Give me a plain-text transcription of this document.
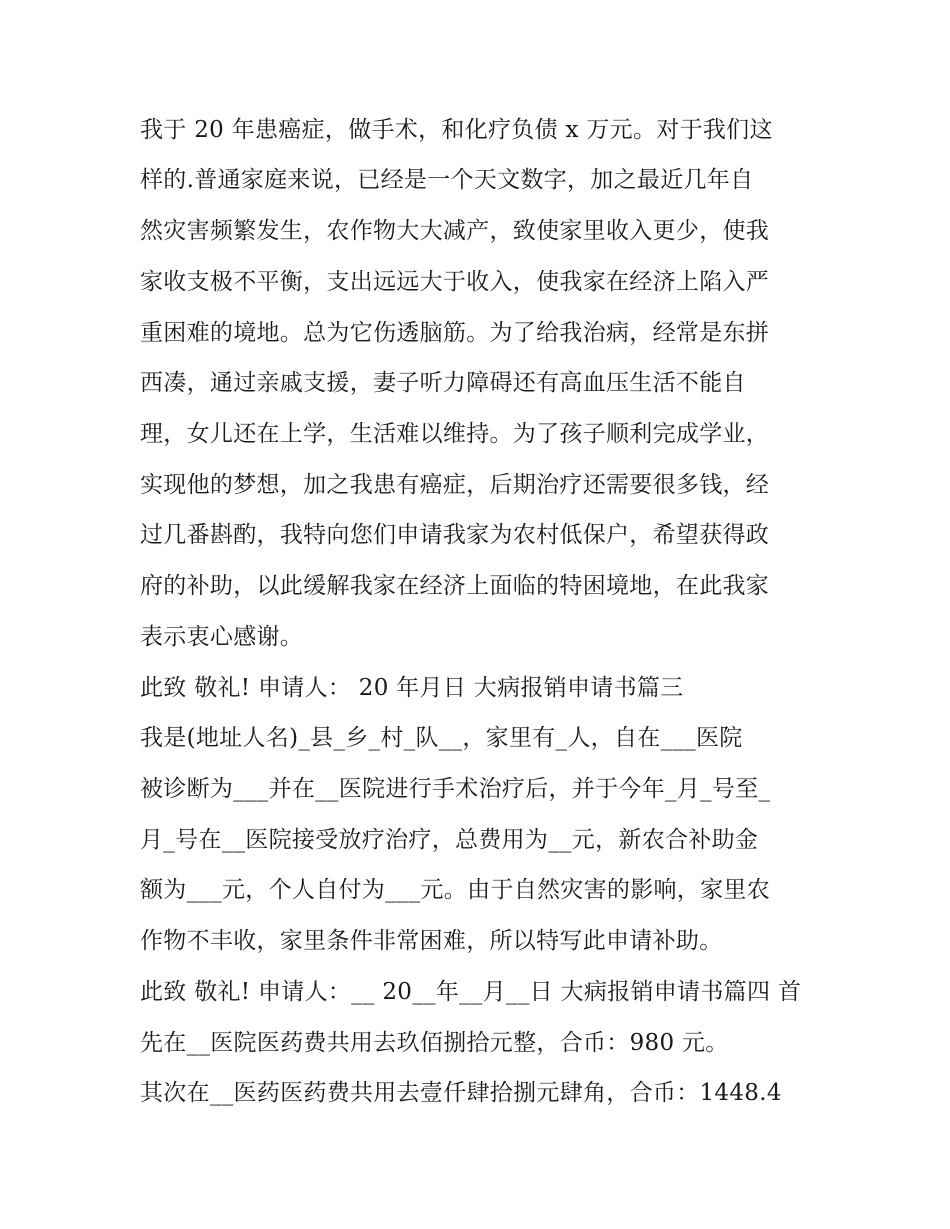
我于 20 年患癌症，做手术，和化疗负债 x 万元。对于我们这
样的.普通家庭来说，已经是一个天文数字，加之最近几年自
然灾害频繁发生，农作物大大减产，致使家里收入更少，使我
家收支极不平衡，支出远远大于收入，使我家在经济上陷入严
重困难的境地。总为它伤透脑筋。为了给我治病，经常是东拼
西凑，通过亲戚支援，妻子听力障碍还有高血压生活不能自
理，女儿还在上学，生活难以维持。为了孩子顺利完成学业，
实现他的梦想，加之我患有癌症，后期治疗还需要很多钱，经
过几番斟酌，我特向您们申请我家为农村低保户，希望获得政
府的补助，以此缓解我家在经济上面临的特困境地，在此我家
表示衷心感谢。
此致 敬礼! 申请人： 20 年月日 大病报销申请书篇三
我是(地址人名)_县_乡_村_队__，家里有_人，自在___医院
被诊断为___并在__医院进行手术治疗后，并于今年_月_号至_
月_号在__医院接受放疗治疗，总费用为__元，新农合补助金
额为___元，个人自付为___元。由于自然灾害的影响，家里农
作物不丰收，家里条件非常困难，所以特写此申请补助。
此致 敬礼! 申请人：__ 20__年__月__日 大病报销申请书篇四 首
先在__医院医药费共用去玖佰捌拾元整，合币：980 元。
其次在__医药医药费共用去壹仟肆拾捌元肆角，合币：1448.4
